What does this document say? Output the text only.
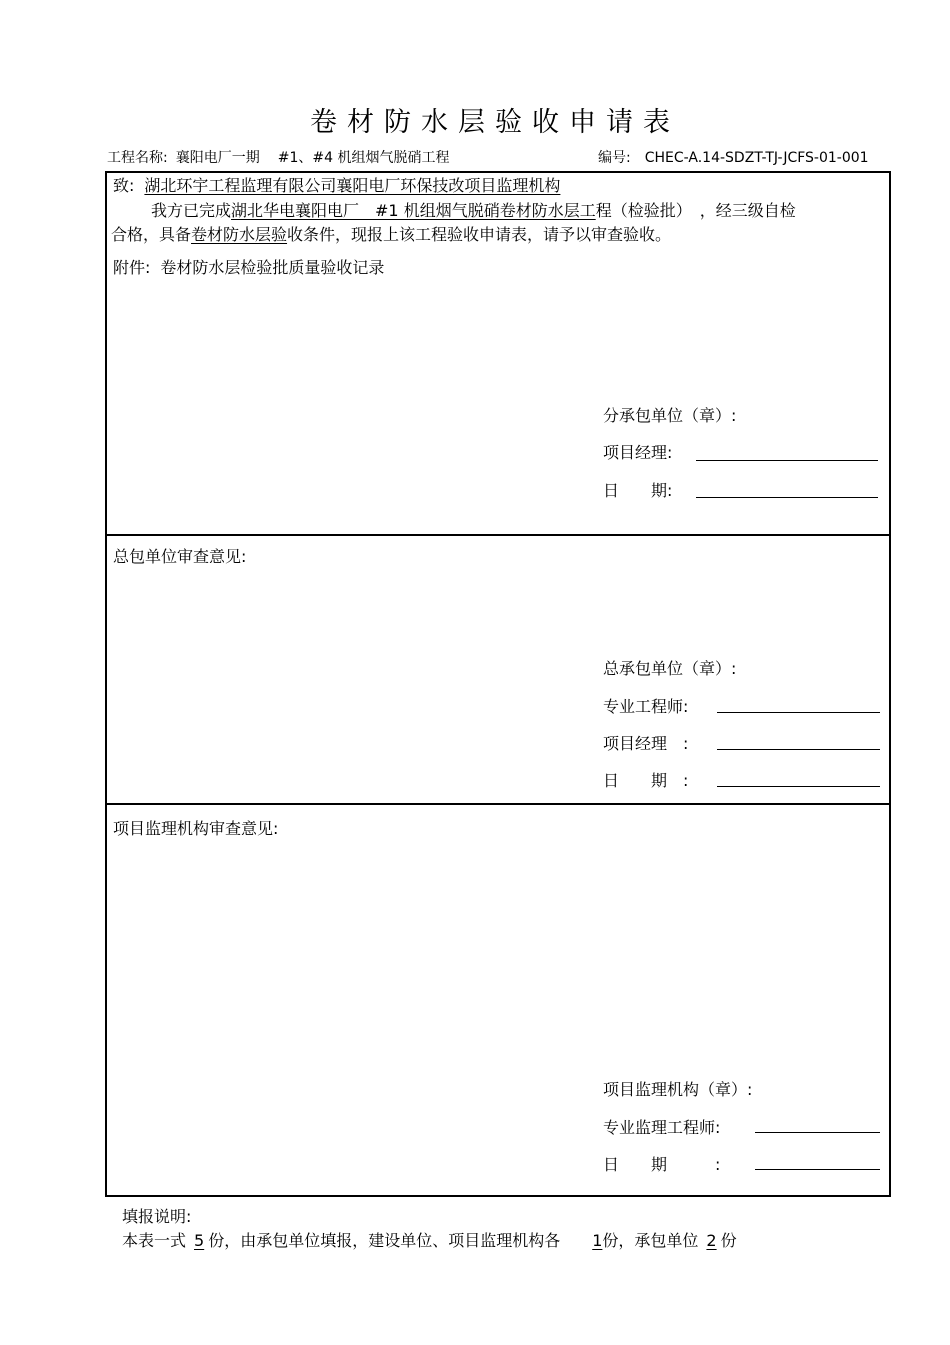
卷材防水层验收申请表
工程名称: 襄阳电厂一期 #1、#4 机组烟气脱硝工程	编号: CHEC-A.14-SDZT-TJ-JCFS-01-001
致: 湖北环宇工程监理有限公司襄阳电厂环保技改项目监理机构
我方已完成湖北华电襄阳电厂　#1 机组烟气脱硝卷材防水层工程（检验批）　，经三级自检
合格，具备卷材防水层验收条件，现报上该工程验收申请表，请予以审查验收。
附件: 卷材防水层检验批质量验收记录
分承包单位（章）:
项目经理:
日　　期:
总包单位审查意见:
总承包单位（章）:
专业工程师:
项目经理　:
日　　期　:
项目监理机构审查意见:
项目监理机构（章）:
专业监理工程师:
日　　期　　　:
填报说明:
本表一式 5 份，由承包单位填报，建设单位、项目监理机构各 1份，承包单位 2 份
